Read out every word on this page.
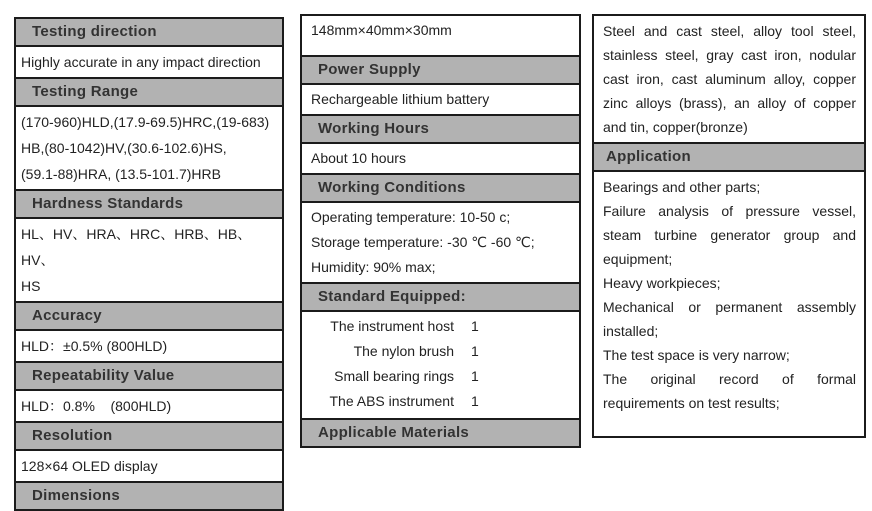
Testing direction
Highly accurate in any impact direction
Testing Range
(170-960)HLD,(17.9-69.5)HRC,(19-683)
HB,(80-1042)HV,(30.6-102.6)HS,
(59.1-88)HRA, (13.5-101.7)HRB
Hardness Standards
HL、HV、HRA、HRC、HRB、HB、HV、
HS
Accuracy
HLD：±0.5% (800HLD)
Repeatability Value
HLD：0.8%    (800HLD)
Resolution
128×64 OLED display
Dimensions
148mm×40mm×30mm
Power Supply
Rechargeable lithium battery
Working Hours
About 10 hours
Working Conditions
Operating temperature: 10-50 c;
Storage temperature: -30 ℃ -60 ℃;
Humidity: 90% max;
Standard Equipped:
The instrument host 1
The nylon brush 1
Small bearing rings 1
The ABS instrument 1
Applicable Materials
Steel and cast steel, alloy tool steel, stainless steel, gray cast iron, nodular cast iron, cast aluminum alloy, copper zinc alloys (brass), an alloy of copper and tin, copper(bronze)
Application
Bearings and other parts;
Failure analysis of pressure vessel, steam turbine generator group and equipment;
Heavy workpieces;
Mechanical or permanent assembly installed;
The test space is very narrow;
The original record of formal requirements on test results;
